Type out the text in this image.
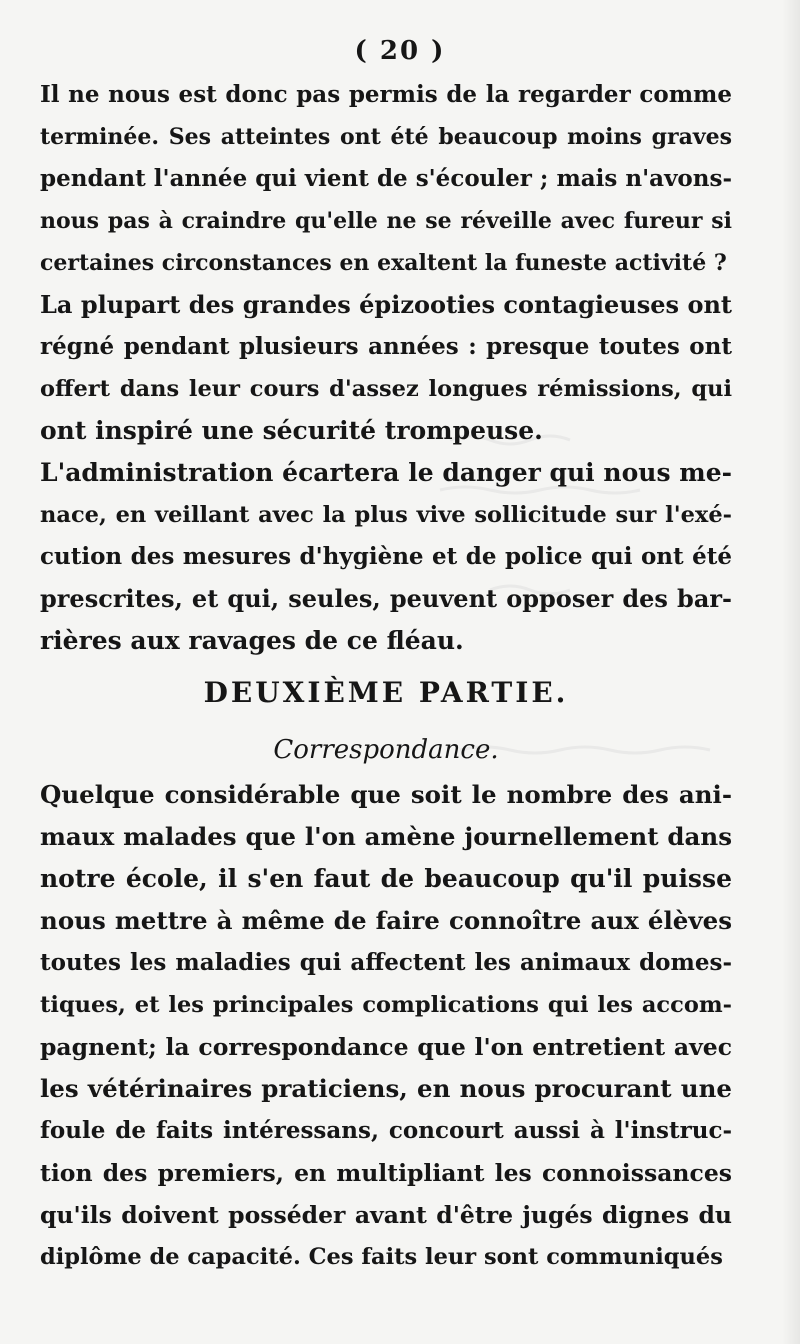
( 20 )
Il ne nous est donc pas permis de la regarder comme
terminée. Ses atteintes ont été beaucoup moins graves
pendant l'année qui vient de s'écouler ; mais n'avons-
nous pas à craindre qu'elle ne se réveille avec fureur si
certaines circonstances en exaltent la funeste activité ?
La plupart des grandes épizooties contagieuses ont
régné pendant plusieurs années : presque toutes ont
offert dans leur cours d'assez longues rémissions, qui
ont inspiré une sécurité trompeuse.
L'administration écartera le danger qui nous me-
nace, en veillant avec la plus vive sollicitude sur l'exé-
cution des mesures d'hygiène et de police qui ont été
prescrites, et qui, seules, peuvent opposer des bar-
rières aux ravages de ce fléau.
DEUXIÈME PARTIE.
Correspondance.
Quelque considérable que soit le nombre des ani-
maux malades que l'on amène journellement dans
notre école, il s'en faut de beaucoup qu'il puisse
nous mettre à même de faire connoître aux élèves
toutes les maladies qui affectent les animaux domes-
tiques, et les principales complications qui les accom-
pagnent; la correspondance que l'on entretient avec
les vétérinaires praticiens, en nous procurant une
foule de faits intéressans, concourt aussi à l'instruc-
tion des premiers, en multipliant les connoissances
qu'ils doivent posséder avant d'être jugés dignes du
diplôme de capacité. Ces faits leur sont communiqués
